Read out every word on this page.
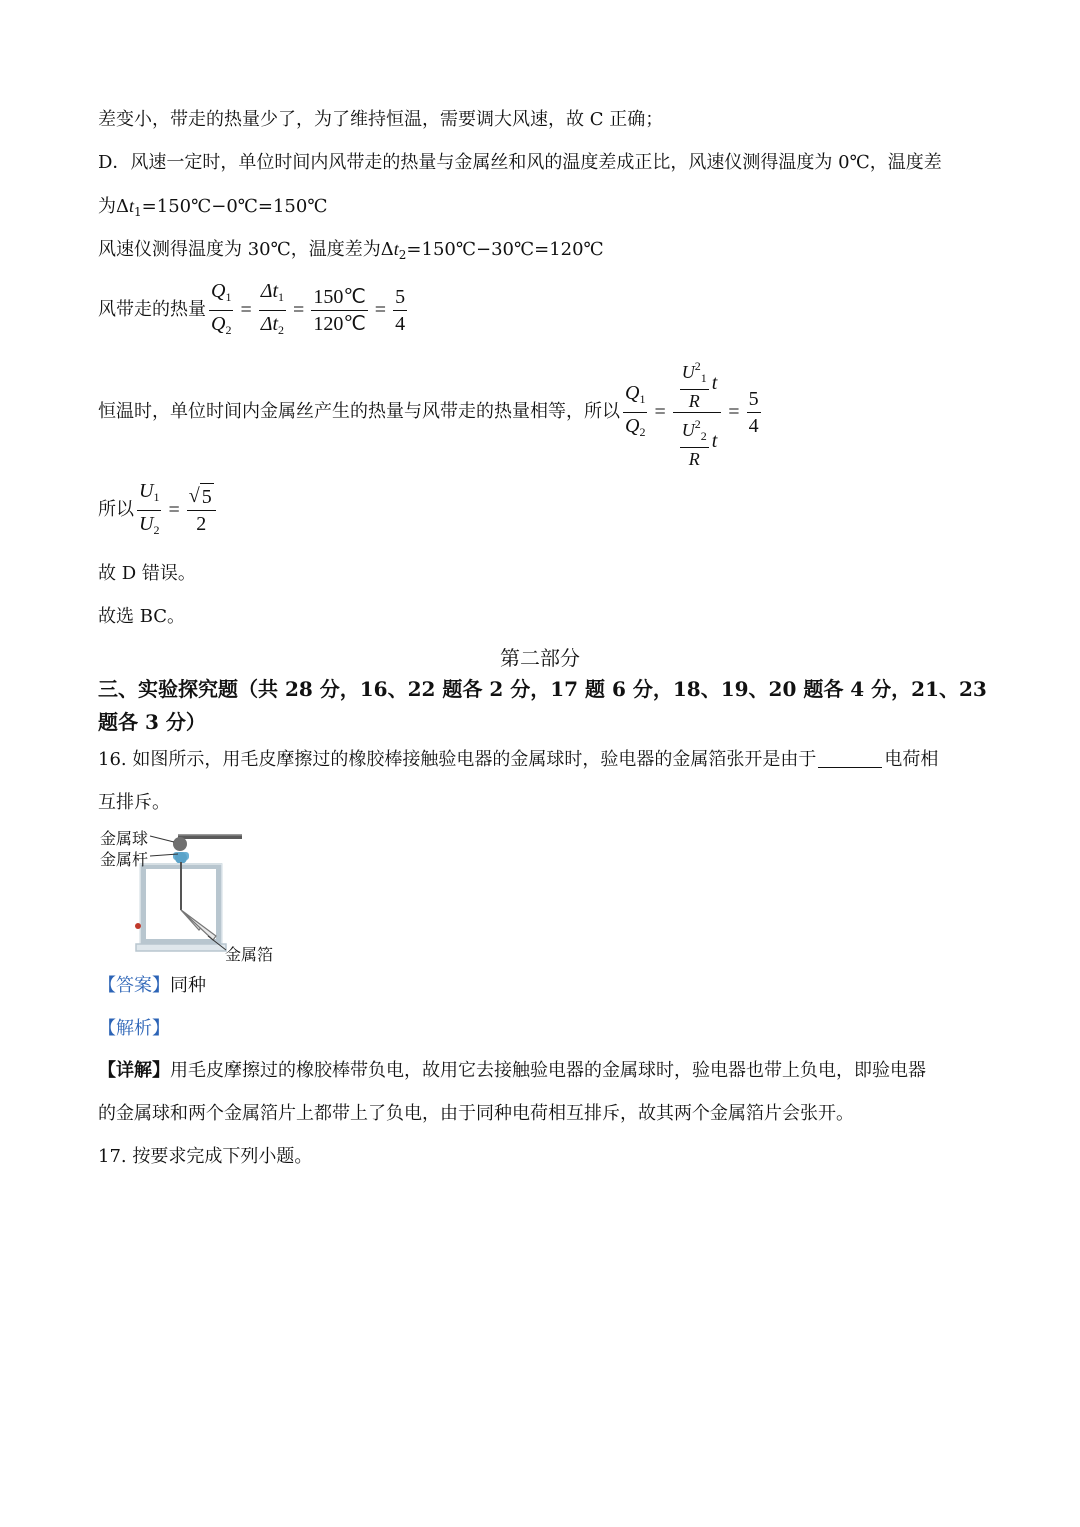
差变小，带走的热量少了，为了维持恒温，需要调大风速，故 C 正确；
D．风速一定时，单位时间内风带走的热量与金属丝和风的温度差成正比，风速仪测得温度为 0℃，温度差
为$\Delta t_1=150℃-0℃=150℃$
风速仪测得温度为 30℃，温度差为$\Delta t_2=150℃-30℃=120℃$
风带走的热量 $\frac{Q_1}{Q_2} = \frac{\Delta t_1}{\Delta t_2} = \frac{150℃}{120℃} = \frac{5}{4}$
恒温时，单位时间内金属丝产生的热量与风带走的热量相等，所以 $\frac{Q_1}{Q_2} = \frac{\frac{U^2_1}{R} t}{\frac{U^2_2}{R} t} = \frac{5}{4}$
所以 $\frac{U_1}{U_2} = \frac{√ 5}{2}$
故 D 错误。
故选 BC。
第二部分
三、实验探究题（共 28 分，16、22 题各 2 分，17 题 6 分，18、19、20 题各 4 分，21、23 题各 3 分）
16. 如图所示，用毛皮摩擦过的橡胶棒接触验电器的金属球时，验电器的金属箔张开是由于	电荷相
互排斥。
金属球
金属杆
金属箔
【答案】同种
【解析】
【详解】用毛皮摩擦过的橡胶棒带负电，故用它去接触验电器的金属球时，验电器也带上负电，即验电器
的金属球和两个金属箔片上都带上了负电，由于同种电荷相互排斥，故其两个金属箔片会张开。
17. 按要求完成下列小题。
